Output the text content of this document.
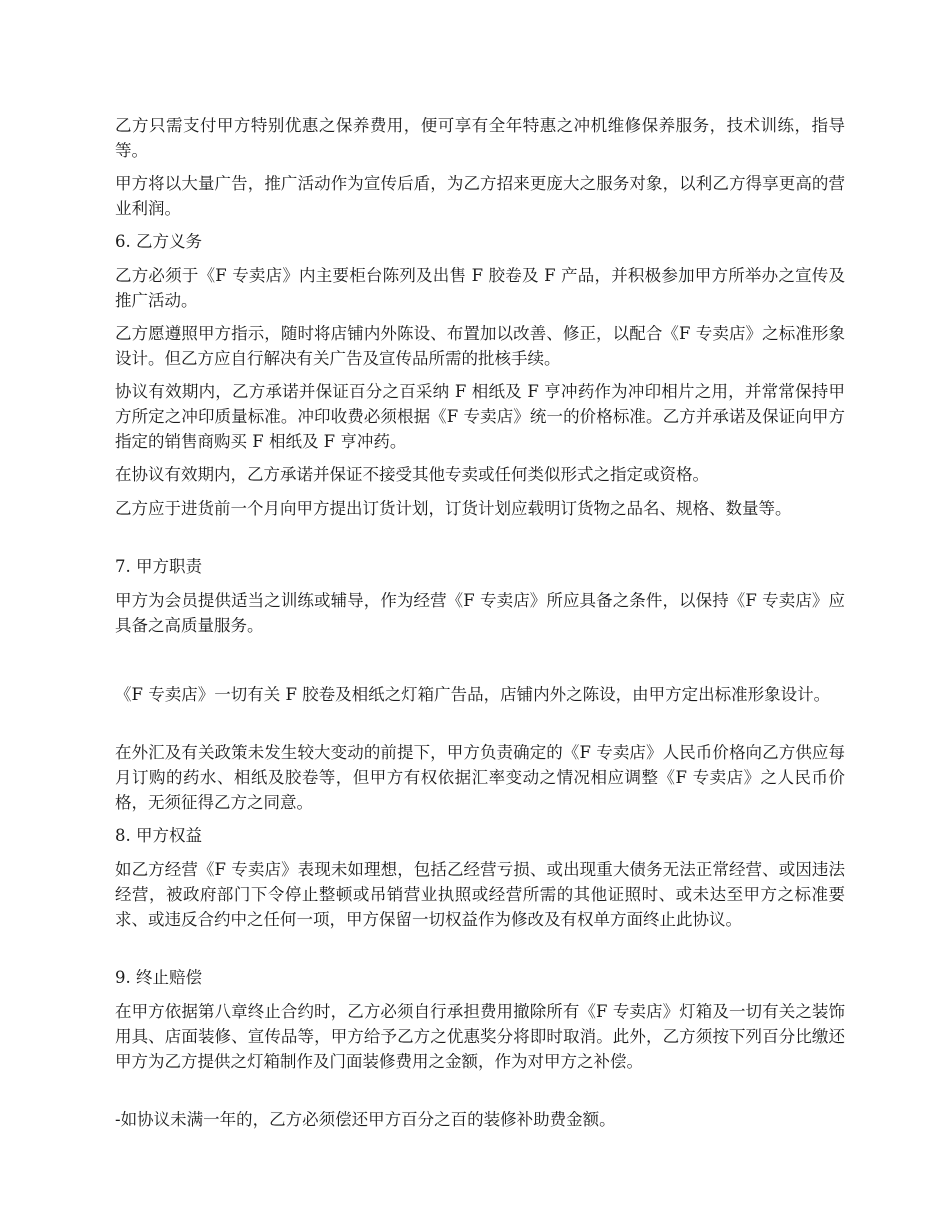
乙方只需支付甲方特别优惠之保养费用，便可享有全年特惠之冲机维修保养服务，技术训练，指导等。

甲方将以大量广告，推广活动作为宣传后盾，为乙方招来更庞大之服务对象，以利乙方得享更高的营业利润。

6. 乙方义务

乙方必须于《F 专卖店》内主要柜台陈列及出售 F 胶卷及 F 产品，并积极参加甲方所举办之宣传及推广活动。

乙方愿遵照甲方指示，随时将店铺内外陈设、布置加以改善、修正，以配合《F 专卖店》之标准形象设计。但乙方应自行解决有关广告及宣传品所需的批核手续。

协议有效期内，乙方承诺并保证百分之百采纳 F 相纸及 F 亨冲药作为冲印相片之用，并常常保持甲方所定之冲印质量标准。冲印收费必须根据《F 专卖店》统一的价格标准。乙方并承诺及保证向甲方指定的销售商购买 F 相纸及 F 亨冲药。

在协议有效期内，乙方承诺并保证不接受其他专卖或任何类似形式之指定或资格。

乙方应于进货前一个月向甲方提出订货计划，订货计划应载明订货物之品名、规格、数量等。

7. 甲方职责

甲方为会员提供适当之训练或辅导，作为经营《F 专卖店》所应具备之条件，以保持《F 专卖店》应具备之高质量服务。

《F 专卖店》一切有关 F 胶卷及相纸之灯箱广告品，店铺内外之陈设，由甲方定出标准形象设计。

在外汇及有关政策未发生较大变动的前提下，甲方负责确定的《F 专卖店》人民币价格向乙方供应每月订购的药水、相纸及胶卷等，但甲方有权依据汇率变动之情况相应调整《F 专卖店》之人民币价格，无须征得乙方之同意。

8. 甲方权益

如乙方经营《F 专卖店》表现未如理想，包括乙经营亏损、或出现重大债务无法正常经营、或因违法经营，被政府部门下令停止整顿或吊销营业执照或经营所需的其他证照时、或未达至甲方之标准要求、或违反合约中之任何一项，甲方保留一切权益作为修改及有权单方面终止此协议。

9. 终止赔偿

在甲方依据第八章终止合约时，乙方必须自行承担费用撤除所有《F 专卖店》灯箱及一切有关之装饰用具、店面装修、宣传品等，甲方给予乙方之优惠奖分将即时取消。此外，乙方须按下列百分比缴还甲方为乙方提供之灯箱制作及门面装修费用之金额，作为对甲方之补偿。

-如协议未满一年的，乙方必须偿还甲方百分之百的装修补助费金额。
